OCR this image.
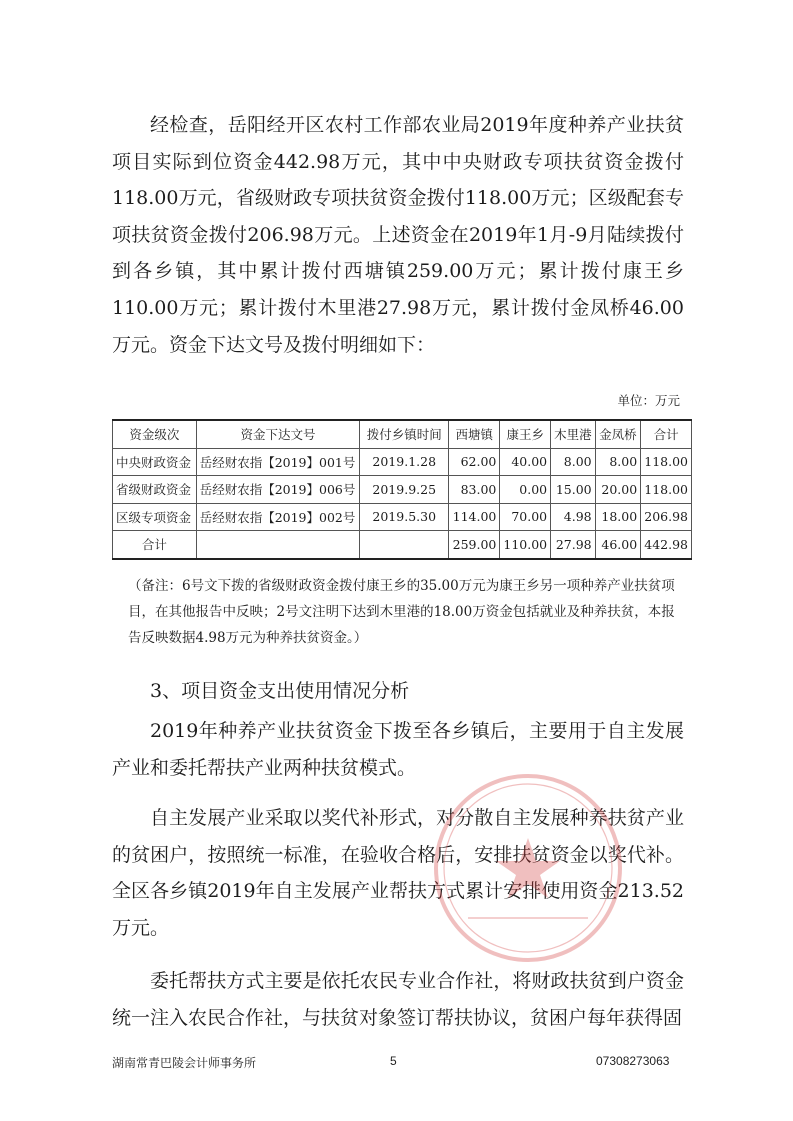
经检查，岳阳经开区农村工作部农业局2019年度种养产业扶贫项目实际到位资金442.98万元，其中中央财政专项扶贫资金拨付118.00万元，省级财政专项扶贫资金拨付118.00万元；区级配套专项扶贫资金拨付206.98万元。上述资金在2019年1月-9月陆续拨付到各乡镇，其中累计拨付西塘镇259.00万元；累计拨付康王乡110.00万元；累计拨付木里港27.98万元，累计拨付金凤桥46.00万元。资金下达文号及拨付明细如下：

单位：万元
资金级次	资金下达文号	拨付乡镇时间	西塘镇	康王乡	木里港	金凤桥	合计
中央财政资金	岳经财农指【2019】001号	2019.1.28	62.00	40.00	8.00	8.00	118.00
省级财政资金	岳经财农指【2019】006号	2019.9.25	83.00	0.00	15.00	20.00	118.00
区级专项资金	岳经财农指【2019】002号	2019.5.30	114.00	70.00	4.98	18.00	206.98
合计			259.00	110.00	27.98	46.00	442.98

（备注：6号文下拨的省级财政资金拨付康王乡的35.00万元为康王乡另一项种养产业扶贫项目，在其他报告中反映；2号文注明下达到木里港的18.00万资金包括就业及种养扶贫，本报告反映数据4.98万元为种养扶贫资金。）

3、项目资金支出使用情况分析

2019年种养产业扶贫资金下拨至各乡镇后，主要用于自主发展产业和委托帮扶产业两种扶贫模式。

自主发展产业采取以奖代补形式，对分散自主发展种养扶贫产业的贫困户，按照统一标准，在验收合格后，安排扶贫资金以奖代补。全区各乡镇2019年自主发展产业帮扶方式累计安排使用资金213.52万元。

委托帮扶方式主要是依托农民专业合作社，将财政扶贫到户资金统一注入农民合作社，与扶贫对象签订帮扶协议，贫困户每年获得固

湖南常青巴陵会计师事务所	5	07308273063
